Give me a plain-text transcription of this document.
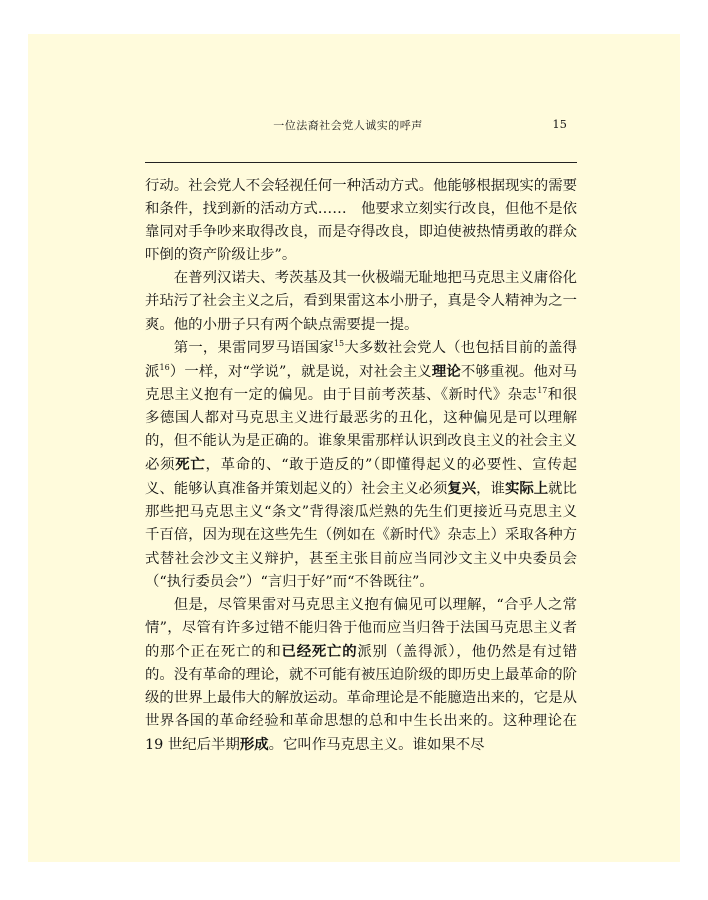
一位法裔社会党人诚实的呼声	15

行动。社会党人不会轻视任何一种活动方式。他能够根据现实的需要和条件，找到新的活动方式……　他要求立刻实行改良，但他不是依靠同对手争吵来取得改良，而是夺得改良，即迫使被热情勇敢的群众吓倒的资产阶级让步”。

在普列汉诺夫、考茨基及其一伙极端无耻地把马克思主义庸俗化并玷污了社会主义之后，看到果雷这本小册子，真是令人精神为之一爽。他的小册子只有两个缺点需要提一提。

第一，果雷同罗马语国家$^{15}$大多数社会党人（也包括目前的盖得派$^{16}$）一样，对“学说”，就是说，对社会主义理论不够重视。他对马克思主义抱有一定的偏见。由于目前考茨基、《新时代》杂志$^{17}$和很多德国人都对马克思主义进行最恶劣的丑化，这种偏见是可以理解的，但不能认为是正确的。谁象果雷那样认识到改良主义的社会主义必须死亡，革命的、“敢于造反的”（即懂得起义的必要性、宣传起义、能够认真准备并策划起义的）社会主义必须复兴，谁实际上就比那些把马克思主义“条文”背得滚瓜烂熟的先生们更接近马克思主义千百倍，因为现在这些先生（例如在《新时代》杂志上）采取各种方式替社会沙文主义辩护，甚至主张目前应当同沙文主义中央委员会（“执行委员会”）“言归于好”而“不咎既往”。

但是，尽管果雷对马克思主义抱有偏见可以理解，“合乎人之常情”，尽管有许多过错不能归咎于他而应当归咎于法国马克思主义者的那个正在死亡的和已经死亡的派别（盖得派），他仍然是有过错的。没有革命的理论，就不可能有被压迫阶级的即历史上最革命的阶级的世界上最伟大的解放运动。革命理论是不能臆造出来的，它是从世界各国的革命经验和革命思想的总和中生长出来的。这种理论在 19 世纪后半期形成。它叫作马克思主义。谁如果不尽
